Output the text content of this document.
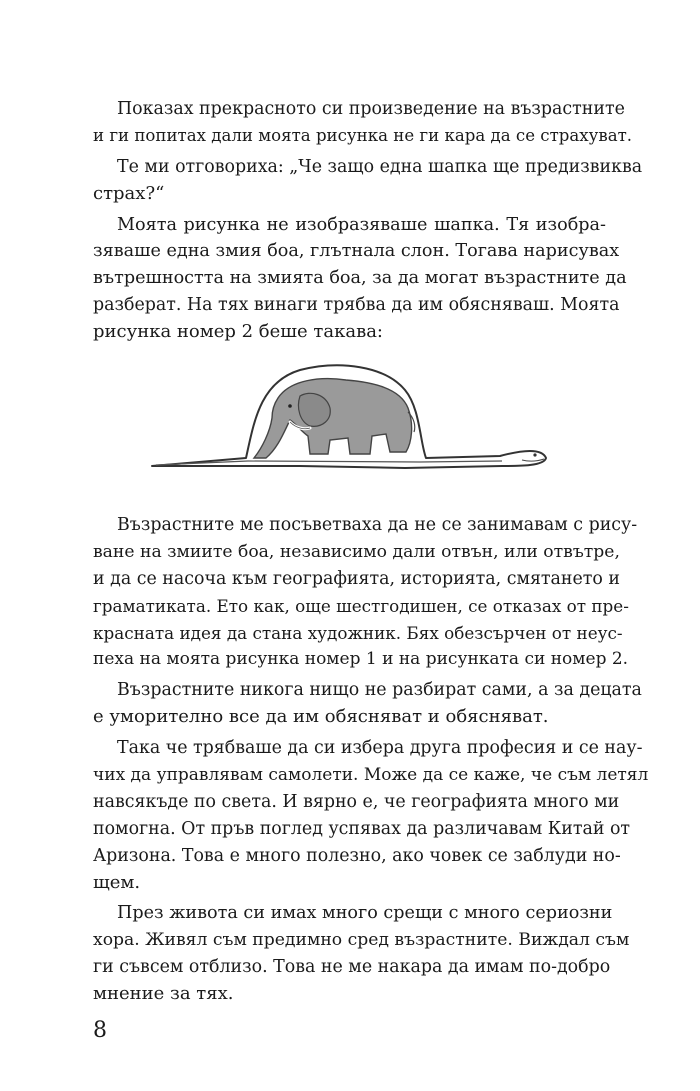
Показах прекрасното си произведение на възрастните
и ги попитах дали моята рисунка не ги кара да се страхуват.
Те ми отговориха: „Че защо една шапка ще предизвиква
страх?“
Моята рисунка не изобразяваше шапка. Тя изобра-
зяваше една змия боа, глътнала слон. Тогава нарисувах
вътрешността на змията боа, за да могат възрастните да
разберат. На тях винаги трябва да им обясняваш. Моята
рисунка номер 2 беше такава:
Възрастните ме посъветваха да не се занимавам с рису-
ване на змиите боа, независимо дали отвън, или отвътре,
и да се насоча към географията, историята, смятането и
граматиката. Ето как, още шестгодишен, се отказах от пре-
красната идея да стана художник. Бях обезсърчен от неус-
пеха на моята рисунка номер 1 и на рисунката си номер 2.
Възрастните никога нищо не разбират сами, а за децата
е уморително все да им обясняват и обясняват.
Така че трябваше да си избера друга професия и се нау-
чих да управлявам самолети. Може да се каже, че съм летял
навсякъде по света. И вярно е, че географията много ми
помогна. От пръв поглед успявах да различавам Китай от
Аризона. Това е много полезно, ако човек се заблуди но-
щем.
През живота си имах много срещи с много сериозни
хора. Живял съм предимно сред възрастните. Виждал съм
ги съвсем отблизо. Това не ме накара да имам по-добро
мнение за тях.
8
